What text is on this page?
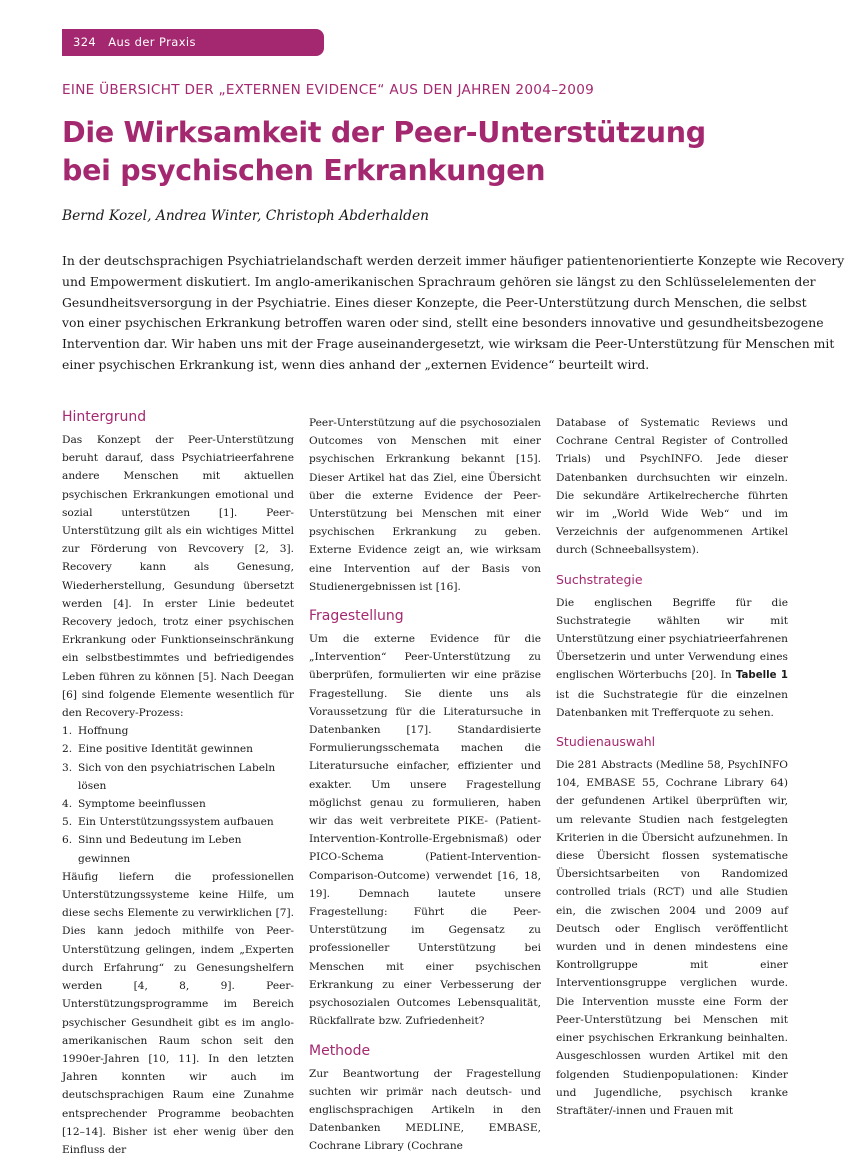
324 Aus der Praxis
EINE ÜBERSICHT DER „EXTERNEN EVIDENCE“ AUS DEN JAHREN 2004–2009
Die Wirksamkeit der Peer-Unterstützung
bei psychischen Erkrankungen
Bernd Kozel, Andrea Winter, Christoph Abderhalden

In der deutschsprachigen Psychiatrielandschaft werden derzeit immer häufiger patientenorientierte Konzepte wie Recovery
und Empowerment diskutiert. Im anglo-amerikanischen Sprachraum gehören sie längst zu den Schlüsselelementen der
Gesundheitsversorgung in der Psychiatrie. Eines dieser Konzepte, die Peer-Unterstützung durch Menschen, die selbst
von einer psychischen Erkrankung betroffen waren oder sind, stellt eine besonders innovative und gesundheitsbezogene
Intervention dar. Wir haben uns mit der Frage auseinandergesetzt, wie wirksam die Peer-Unterstützung für Menschen mit
einer psychischen Erkrankung ist, wenn dies anhand der „externen Evidence“ beurteilt wird.

Hintergrund

Das Konzept der Peer-Unterstützung beruht darauf, dass Psychiatrieerfahrene andere Menschen mit aktuellen psychischen Erkrankungen emotional und sozial unterstützen [1]. Peer-Unterstützung gilt als ein wichtiges Mittel zur Förderung von Revcovery [2, 3]. Recovery kann als Genesung, Wiederherstellung, Gesundung übersetzt werden [4]. In erster Linie bedeutet Recovery jedoch, trotz einer psychischen Erkrankung oder Funktionseinschränkung ein selbstbestimmtes und befriedigendes Leben führen zu können [5]. Nach Deegan [6] sind folgende Elemente wesentlich für den Recovery-Prozess:

1. Hoffnung
2. Eine positive Identität gewinnen
3. Sich von den psychiatrischen Labeln lösen
4. Symptome beeinflussen
5. Ein Unterstützungssystem aufbauen
6. Sinn und Bedeutung im Leben gewinnen

Häufig liefern die professionellen Unterstützungssysteme keine Hilfe, um diese sechs Elemente zu verwirklichen [7]. Dies kann jedoch mithilfe von Peer-Unterstützung gelingen, indem „Experten durch Erfahrung“ zu Genesungshelfern werden [4, 8, 9]. Peer-Unterstützungsprogramme im Bereich psychischer Gesundheit gibt es im anglo-amerikanischen Raum schon seit den 1990er-Jahren [10, 11]. In den letzten Jahren konnten wir auch im deutschsprachigen Raum eine Zunahme entsprechender Programme beobachten [12–14]. Bisher ist eher wenig über den Einfluss der

Peer-Unterstützung auf die psychosozialen Outcomes von Menschen mit einer psychischen Erkrankung bekannt [15]. Dieser Artikel hat das Ziel, eine Übersicht über die externe Evidence der Peer-Unterstützung bei Menschen mit einer psychischen Erkrankung zu geben. Externe Evidence zeigt an, wie wirksam eine Intervention auf der Basis von Studienergebnissen ist [16].

Fragestellung

Um die externe Evidence für die „Intervention“ Peer-Unterstützung zu überprüfen, formulierten wir eine präzise Fragestellung. Sie diente uns als Voraussetzung für die Literatursuche in Datenbanken [17]. Standardisierte Formulierungsschemata machen die Literatursuche einfacher, effizienter und exakter. Um unsere Fragestellung möglichst genau zu formulieren, haben wir das weit verbreitete PIKE- (Patient-Intervention-Kontrolle-Ergebnismaß) oder PICO-Schema (Patient-Intervention-Comparison-Outcome) verwendet [16, 18, 19]. Demnach lautete unsere Fragestellung: Führt die Peer-Unterstützung im Gegensatz zu professioneller Unterstützung bei Menschen mit einer psychischen Erkrankung zu einer Verbesserung der psychosozialen Outcomes Lebensqualität, Rückfallrate bzw. Zufriedenheit?

Methode

Zur Beantwortung der Fragestellung suchten wir primär nach deutsch- und englischsprachigen Artikeln in den Datenbanken MEDLINE, EMBASE, Cochrane Library (Cochrane

Database of Systematic Reviews und Cochrane Central Register of Controlled Trials) und PsychINFO. Jede dieser Datenbanken durchsuchten wir einzeln. Die sekundäre Artikelrecherche führten wir im „World Wide Web“ und im Verzeichnis der aufgenommenen Artikel durch (Schneeballsystem).

Suchstrategie

Die englischen Begriffe für die Suchstrategie wählten wir mit Unterstützung einer psychiatrieerfahrenen Übersetzerin und unter Verwendung eines englischen Wörterbuchs [20]. In Tabelle 1 ist die Suchstrategie für die einzelnen Datenbanken mit Trefferquote zu sehen.

Studienauswahl

Die 281 Abstracts (Medline 58, PsychINFO 104, EMBASE 55, Cochrane Library 64) der gefundenen Artikel überprüften wir, um relevante Studien nach festgelegten Kriterien in die Übersicht aufzunehmen. In diese Übersicht flossen systematische Übersichtsarbeiten von Randomized controlled trials (RCT) und alle Studien ein, die zwischen 2004 und 2009 auf Deutsch oder Englisch veröffentlicht wurden und in denen mindestens eine Kontrollgruppe mit einer Interventionsgruppe verglichen wurde. Die Intervention musste eine Form der Peer-Unterstützung bei Menschen mit einer psychischen Erkrankung beinhalten. Ausgeschlossen wurden Artikel mit den folgenden Studienpopulationen: Kinder und Jugendliche, psychisch kranke Straftäter/-innen und Frauen mit
